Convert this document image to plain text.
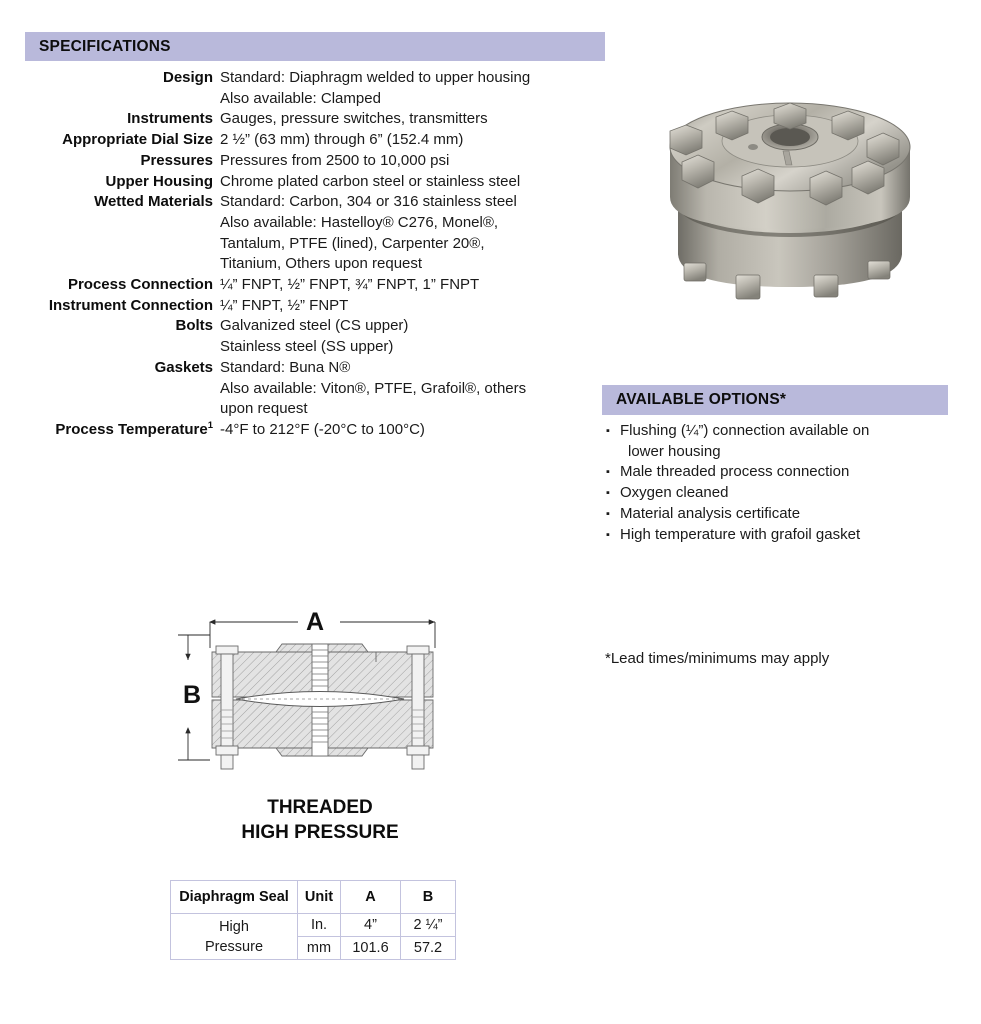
SPECIFICATIONS
Design Standard: Diaphragm welded to upper housing
Also available: Clamped
Instruments Gauges, pressure switches, transmitters
Appropriate Dial Size 2 ½” (63 mm) through 6” (152.4 mm)
Pressures Pressures from 2500 to 10,000 psi
Upper Housing Chrome plated carbon steel or stainless steel
Wetted Materials Standard: Carbon, 304 or 316 stainless steel
Also available: Hastelloy® C276, Monel®,
Tantalum, PTFE (lined), Carpenter 20®,
Titanium, Others upon request
Process Connection ¼” FNPT, ½” FNPT, ¾” FNPT, 1” FNPT
Instrument Connection ¼” FNPT, ½” FNPT
Bolts Galvanized steel (CS upper)
Stainless steel (SS upper)
Gaskets Standard: Buna N®
Also available: Viton®, PTFE, Grafoil®, others
upon request
Process Temperature$^1$ -4°F to 212°F (-20°C to 100°C)
AVAILABLE OPTIONS*
▪ Flushing (¼”) connection available on
lower housing
▪ Male threaded process connection
▪ Oxygen cleaned
▪ Material analysis certificate
▪ High temperature with grafoil gasket
*Lead times/minimums may apply
A
B
THREADED
HIGH PRESSURE
Diaphragm Seal	Unit	A	B

High
Pressure	In.	4”	2 ¼”
	mm	101.6	57.2
